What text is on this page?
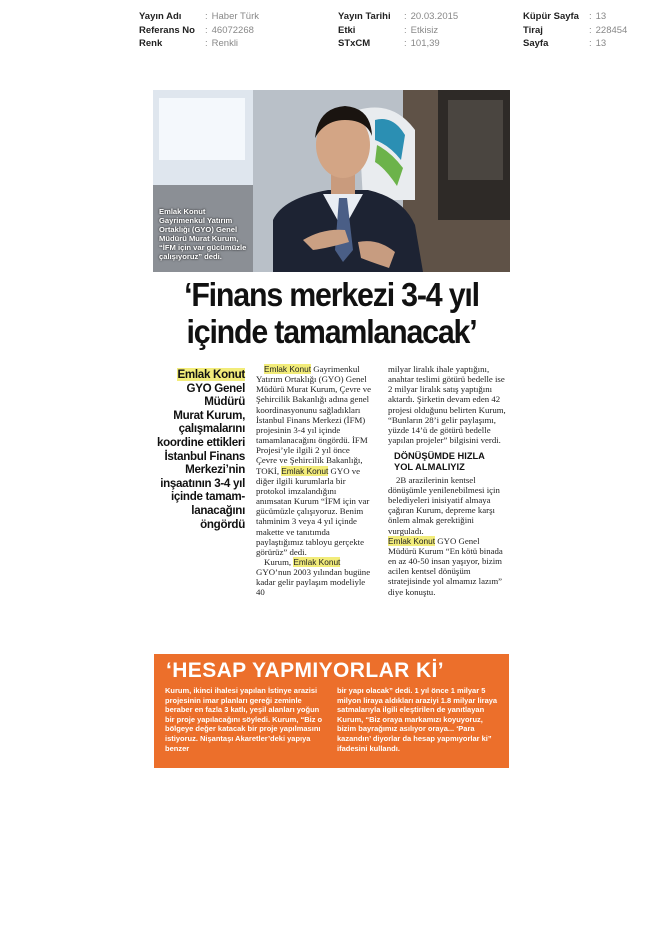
Yayın Adı	: Haber Türk
Referans No	: 46072268
Renk	: Renkli
Yayın Tarihi	: 20.03.2015
Etki	: Etkisiz
STxCM	: 101,39
Küpür Sayfa	: 13
Tiraj	: 228454
Sayfa	: 13
Emlak Konut
Gayrimenkul Yatırım
Ortaklığı (GYO) Genel
Müdürü Murat Kurum,
“İFM için var gücümüzle
çalışıyoruz” dedi.
‘Finans merkezi 3-4 yıl
içinde tamamlanacak’
Emlak Konut
GYO Genel
Müdürü
Murat Kurum,
çalışmalarını
koordine ettikleri
İstanbul Finans
Merkezi’nin
inşaatının 3-4 yıl
içinde tamam-
lanacağını
öngördü

Emlak Konut Gayrimenkul Yatırım Ortaklığı (GYO) Genel Müdürü Murat Kurum, Çevre ve Şehircilik Bakanlığı adına genel koordinasyonunu sağladıkları İstanbul Finans Merkezi (İFM) projesinin 3-4 yıl içinde tamamlanacağını öngördü. İFM Projesi’yle ilgili 2 yıl önce Çevre ve Şehircilik Bakanlığı, TOKİ, Emlak Konut GYO ve diğer ilgili kurumlarla bir protokol imzalandığını anımsatan Kurum “İFM için var gücümüzle çalışıyoruz. Benim tahminim 3 veya 4 yıl içinde makette ve tanıtımda paylaştığımız tabloyu gerçekte görürüz” dedi.

Kurum, Emlak Konut GYO’nun 2003 yılından bugüne kadar gelir paylaşım modeliyle 40

milyar liralık ihale yaptığını, anahtar teslimi götürü bedelle ise 2 milyar liralık satış yaptığını aktardı. Şirketin devam eden 42 projesi olduğunu belirten Kurum, “Bunların 28’i gelir paylaşımı, yüzde 14’ü de götürü bedelle yapılan projeler” bilgisini verdi.

DÖNÜŞÜMDE HIZLA
YOL ALMALIYIZ

2B arazilerinin kentsel dönüşümle yenilenebilmesi için belediyeleri inisiyatif almaya çağıran Kurum, depreme karşı önlem almak gerektiğini vurguladı.

Emlak Konut GYO Genel Müdürü Kurum “En kötü binada en az 40-50 insan yaşıyor, bizim acilen kentsel dönüşüm stratejisinde yol almamız lazım” diye konuştu.

‘HESAP YAPMIYORLAR Kİ’
Kurum, ikinci ihalesi yapılan İstinye arazisi projesinin imar planları gereği zeminle beraber en fazla 3 katlı, yeşil alanları yoğun bir proje yapılacağını söyledi. Kurum, “Biz o bölgeye değer katacak bir proje yapılmasını istiyoruz. Nişantaşı Akaretler’deki yapıya benzer
bir yapı olacak” dedi. 1 yıl önce 1 milyar 5 milyon liraya aldıkları araziyi 1.8 milyar liraya satmalarıyla ilgili eleştirilen de yanıtlayan Kurum, “Biz oraya markamızı koyuyoruz, bizim bayrağımız asılıyor oraya... ‘Para kazandın’ diyorlar da hesap yapmıyorlar ki” ifadesini kullandı.
